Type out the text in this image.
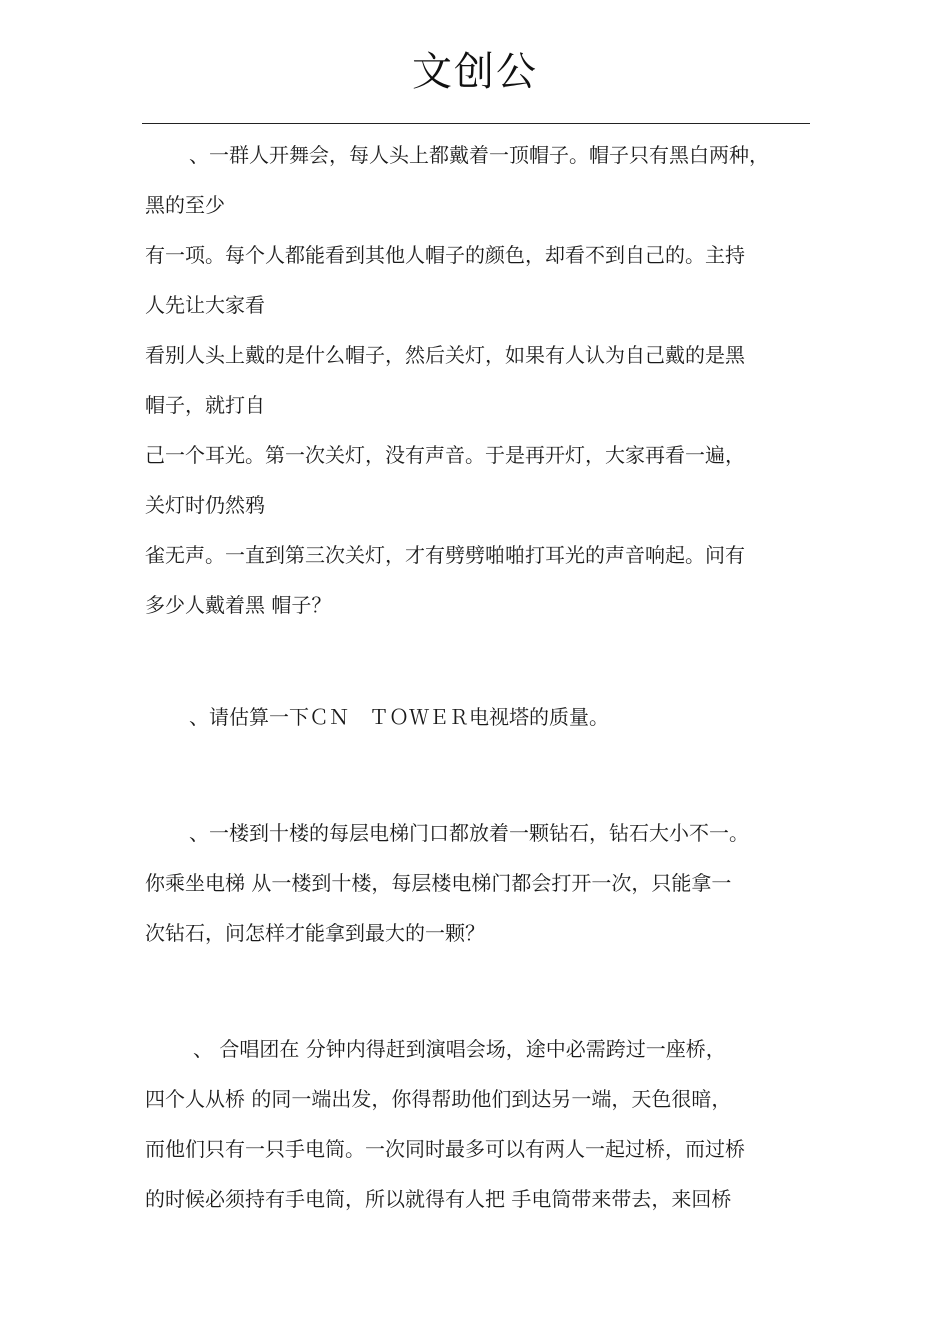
文创公
、一群人开舞会，每人头上都戴着一顶帽子。帽子只有黑白两种，
黑的至少
有一项。每个人都能看到其他人帽子的颜色，却看不到自己的。主持
人先让大家看
看别人头上戴的是什么帽子，然后关灯，如果有人认为自己戴的是黑
帽子，就打自
己一个耳光。第一次关灯，没有声音。于是再开灯，大家再看一遍，
关灯时仍然鸦
雀无声。一直到第三次关灯，才有劈劈啪啪打耳光的声音响起。问有
多少人戴着黑 帽子？
、请估算一下ＣＮ　ＴＯＷＥＲ电视塔的质量。
、一楼到十楼的每层电梯门口都放着一颗钻石，钻石大小不一。
你乘坐电梯 从一楼到十楼，每层楼电梯门都会打开一次，只能拿一
次钻石，问怎样才能拿到最大的一颗？
、 合唱团在 分钟内得赶到演唱会场，途中必需跨过一座桥，
四个人从桥 的同一端出发，你得帮助他们到达另一端，天色很暗，
而他们只有一只手电筒。一次同时最多可以有两人一起过桥，而过桥
的时候必须持有手电筒，所以就得有人把 手电筒带来带去，来回桥
